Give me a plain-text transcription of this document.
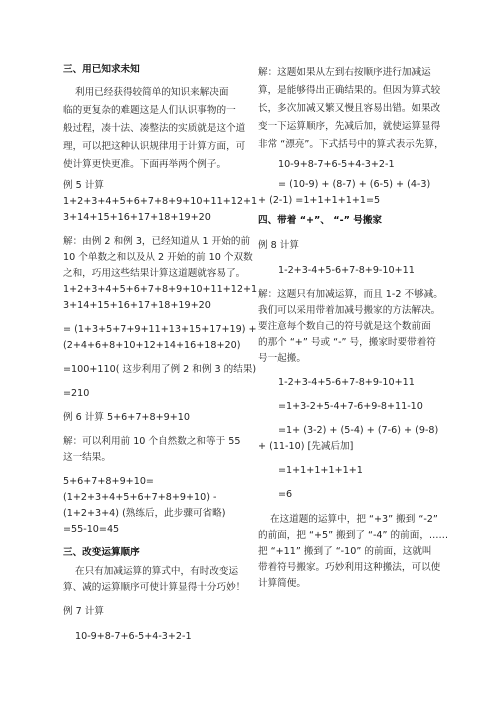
三、用已知求未知
利用已经获得较简单的知识来解决面
临的更复杂的难题这是人们认识事物的一
般过程，凑十法、凑整法的实质就是这个道
理，可以把这种认识规律用于计算方面，可
使计算更快更准。下面再举两个例子。
例 5 计算
1+2+3+4+5+6+7+8+9+10+11+12+1
3+14+15+16+17+18+19+20
解：由例 2 和例 3，已经知道从 1 开始的前
10 个单数之和以及从 2 开始的前 10 个双数
之和，巧用这些结果计算这道题就容易了。
1+2+3+4+5+6+7+8+9+10+11+12+1
3+14+15+16+17+18+19+20
= (1+3+5+7+9+11+13+15+17+19) +
(2+4+6+8+10+12+14+16+18+20)
=100+110( 这步利用了例 2 和例 3 的结果)
=210
例 6 计算 5+6+7+8+9+10
解：可以利用前 10 个自然数之和等于 55
这一结果。
5+6+7+8+9+10=
(1+2+3+4+5+6+7+8+9+10) -
(1+2+3+4) (熟练后，此步骤可省略)
=55-10=45
三、改变运算顺序
在只有加减运算的算式中，有时改变运
算、减的运算顺序可使计算显得十分巧妙！
例 7 计算
10-9+8-7+6-5+4-3+2-1
解：这题如果从左到右按顺序进行加减运
算，是能够得出正确结果的。但因为算式较
长，多次加减又繁又慢且容易出错。如果改
变一下运算顺序，先减后加，就使运算显得
非常 “漂亮”。下式括号中的算式表示先算，
10-9+8-7+6-5+4-3+2-1
= (10-9) + (8-7) + (6-5) + (4-3)
+ (2-1) =1+1+1+1+1=5
四、带着 “+”、 “-” 号搬家
例 8 计算
1-2+3-4+5-6+7-8+9-10+11
解：这题只有加减运算，而且 1-2 不够减。
我们可以采用带着加减号搬家的方法解决。
要注意每个数自己的符号就是这个数前面
的那个 “+” 号或 “-” 号，搬家时要带着符
号一起搬。
1-2+3-4+5-6+7-8+9-10+11
=1+3-2+5-4+7-6+9-8+11-10
=1+ (3-2) + (5-4) + (7-6) + (9-8)
+ (11-10) [先减后加]
=1+1+1+1+1+1
=6
在这道题的运算中，把 “+3” 搬到 “-2”
的前面，把 “+5” 搬到了 “-4” 的前面，……
把 “+11” 搬到了 “-10” 的前面，这就叫
带着符号搬家。巧妙利用这种搬法，可以使
计算简便。
